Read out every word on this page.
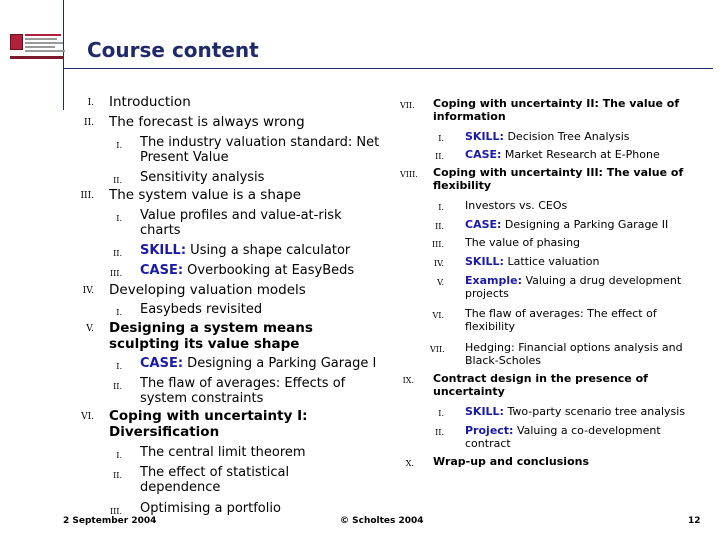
Course content
I. Introduction
II. The forecast is always wrong
I. The industry valuation standard: Net Present Value
II. Sensitivity analysis
III. The system value is a shape
I. Value profiles and value-at-risk charts
II. SKILL: Using a shape calculator
III. CASE: Overbooking at EasyBeds
IV. Developing valuation models
I. Easybeds revisited
V. Designing a system means sculpting its value shape
I. CASE: Designing a Parking Garage I
II. The flaw of averages: Effects of system constraints
VI. Coping with uncertainty I: Diversification
I. The central limit theorem
II. The effect of statistical dependence
III. Optimising a portfolio
VII. Coping with uncertainty II: The value of information
I. SKILL: Decision Tree Analysis
II. CASE: Market Research at E-Phone
VIII. Coping with uncertainty III: The value of flexibility
I. Investors vs. CEOs
II. CASE: Designing a Parking Garage II
III. The value of phasing
IV. SKILL: Lattice valuation
V. Example: Valuing a drug development projects
VI. The flaw of averages: The effect of flexibility
VII. Hedging: Financial options analysis and Black-Scholes
IX. Contract design in the presence of uncertainty
I. SKILL: Two-party scenario tree analysis
II. Project: Valuing a co-development contract
X. Wrap-up and conclusions
2 September 2004	© Scholtes 2004	12
